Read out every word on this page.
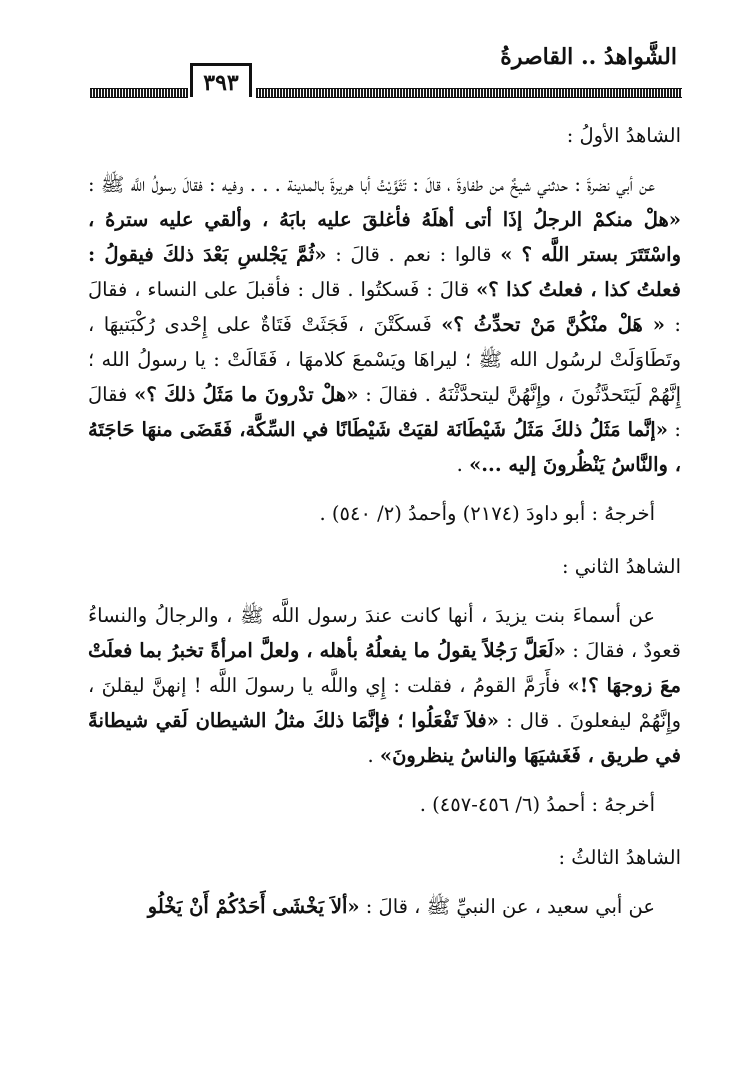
الشَّواهدُ .. القاصرةُ
٣٩٣

الشاهدُ الأولُ :

عن أبي نضرةَ : حدثني شيخٌ من طفاوةَ ، قالَ : تَثَوَّيْتُ أبا هريرةَ بالمدينة . . . وفيه : فقالَ رسولُ اللَّه ﷺ : «هلْ منكمْ الرجلُ إذَا أتى أهلَهُ فأغلقَ عليه بابَهُ ، وألقي عليه سترهُ ، واسْتَتَرَ بستر اللَّه ؟ » قالوا : نعم . قالَ : «ثُمَّ يَجْلسِ بَعْدَ ذلكَ فيقولُ : فعلتُ كذا ، فعلتُ كذا ؟» قالَ : فَسكتُوا . قال : فأقبلَ على النساء ، فقالَ : « هَلْ منْكُنَّ مَنْ تحدِّثُ ؟» فَسكَتْنَ ، فَجَثَتْ فَتَاةٌ على إِحْدى رُكْبَتيهَا ، وتَطَاوَلَتْ لرسُول الله ﷺ ؛ ليراهَا ويَسْمعَ كلامهَا ، فَقَالَتْ : يا رسولُ الله ؛ إِنَّهُمْ لَيَتَحدَّثُونَ ، وإِنَّهُنَّ ليتحدَّثْنَهُ . فقالَ : «هلْ تدْرونَ ما مَثَلُ ذلكَ ؟» فقالَ : «إنَّما مَثَلُ ذلكَ مَثَلُ شَيْطَانَة لقيَتْ شَيْطَانًا في السِّكَّة، فَقَضَى منهَا حَاجَتَهُ ، والنَّاسُ يَنْظُرونَ إليه ...» .

أخرجهُ : أبو داودَ (٢١٧٤) وأحمدُ (٢/ ٥٤٠) .

الشاهدُ الثاني :

عن أسماءَ بنت يزيدَ ، أنها كانت عندَ رسول اللَّه ﷺ ، والرجالُ والنساءُ قعودٌ ، فقالَ : «لَعَلَّ رَجُلاً يقولُ ما يفعلُهُ بأهله ، ولعلَّ امرأةً تخبرُ بما فعلَتْ معَ زوجهَا ؟!» فأَرَمَّ القومُ ، فقلت : إِي واللَّه يا رسولَ اللَّه ! إنهنَّ ليقلنَ ، وإِنَّهُمْ ليفعلونَ . قال : «فلاَ تَفْعَلُوا ؛ فإنَّمَا ذلكَ مثلُ الشيطان لَقي شيطانةً في طريق ، فَغَشيَهَا والناسُ ينظرونَ» .

أخرجهُ : أحمدُ (٦/ ٤٥٦-٤٥٧) .

الشاهدُ الثالثُ :

عن أبي سعيد ، عن النبيِّ ﷺ ، قالَ : «ألاَ يَخْشَى أَحَدُكُمْ أَنْ يَخْلُو
